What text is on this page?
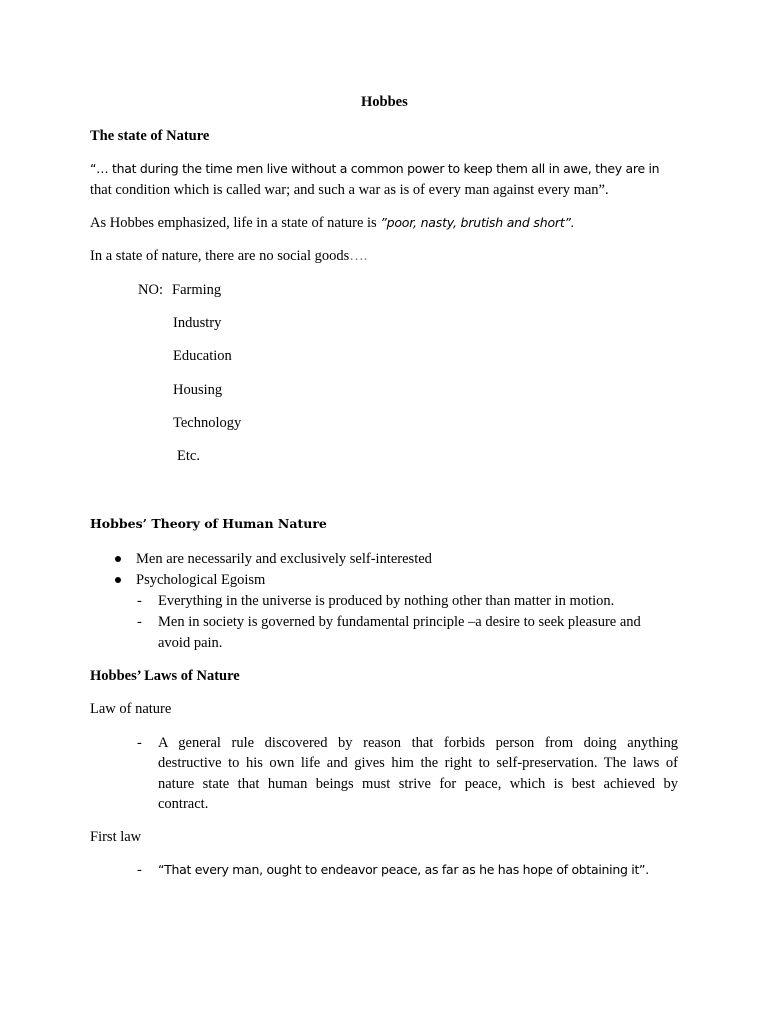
Hobbes
The state of Nature
“… that during the time men live without a common power to keep them all in awe, they are in
that condition which is called war; and such a war as is of every man against every man”.
As Hobbes emphasized, life in a state of nature is ”poor, nasty, brutish and short”.
In a state of nature, there are no social goods….
NO: Farming
Industry
Education
Housing
Technology
Etc.
Hobbes’ Theory of Human Nature
Men are necessarily and exclusively self-interested
Psychological Egoism
- Everything in the universe is produced by nothing other than matter in motion.
- Men in society is governed by fundamental principle –a desire to seek pleasure and
avoid pain.
Hobbes’ Laws of Nature
Law of nature
- A general rule discovered by reason that forbids person from doing anything
destructive to his own life and gives him the right to self-preservation. The laws of
nature state that human beings must strive for peace, which is best achieved by
contract.
First law
- “That every man, ought to endeavor peace, as far as he has hope of obtaining it”.
